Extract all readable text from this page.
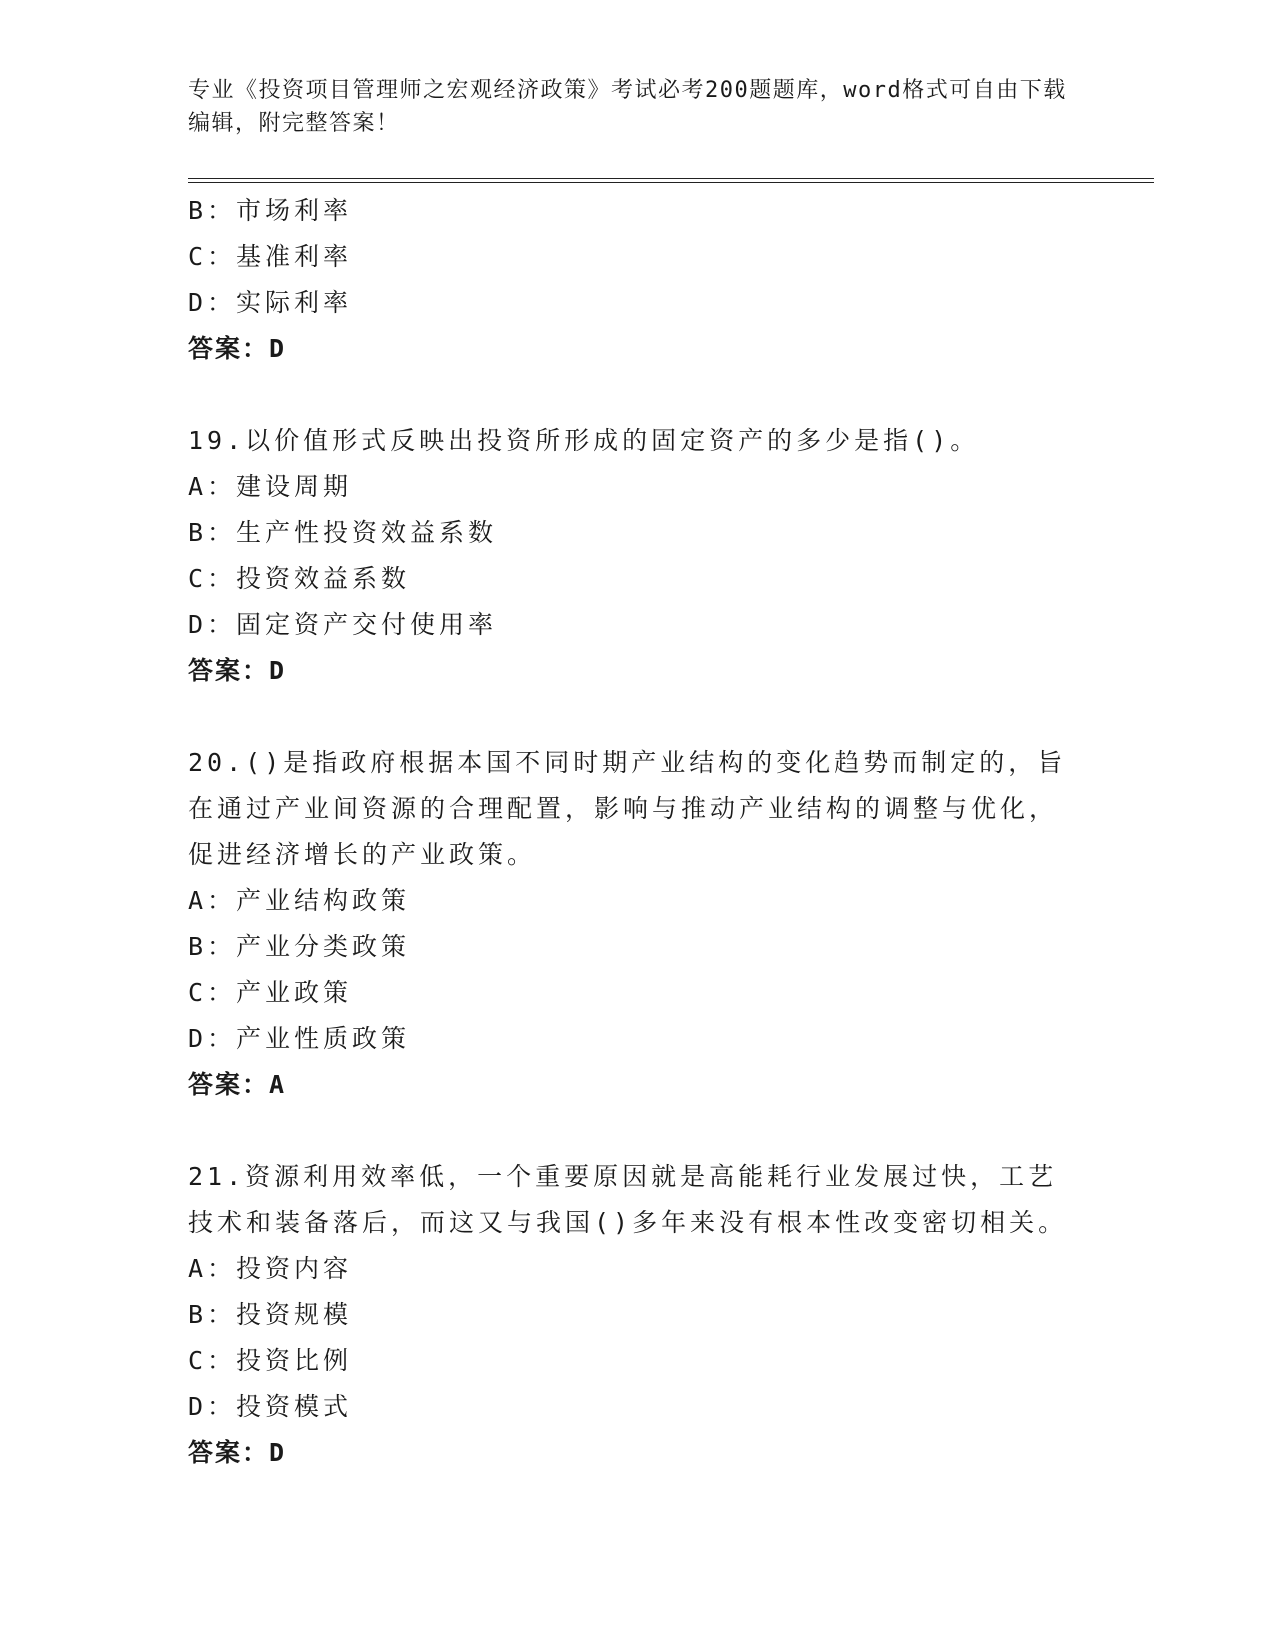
专业《投资项目管理师之宏观经济政策》考试必考200题题库，word格式可自由下载编辑，附完整答案！

B：市场利率

C：基准利率

D：实际利率

答案：D

19.以价值形式反映出投资所形成的固定资产的多少是指()。

A：建设周期

B：生产性投资效益系数

C：投资效益系数

D：固定资产交付使用率

答案：D

20.()是指政府根据本国不同时期产业结构的变化趋势而制定的，旨在通过产业间资源的合理配置，影响与推动产业结构的调整与优化，促进经济增长的产业政策。

A：产业结构政策

B：产业分类政策

C：产业政策

D：产业性质政策

答案：A

21.资源利用效率低，一个重要原因就是高能耗行业发展过快，工艺技术和装备落后，而这又与我国()多年来没有根本性改变密切相关。

A：投资内容

B：投资规模

C：投资比例

D：投资模式

答案：D
